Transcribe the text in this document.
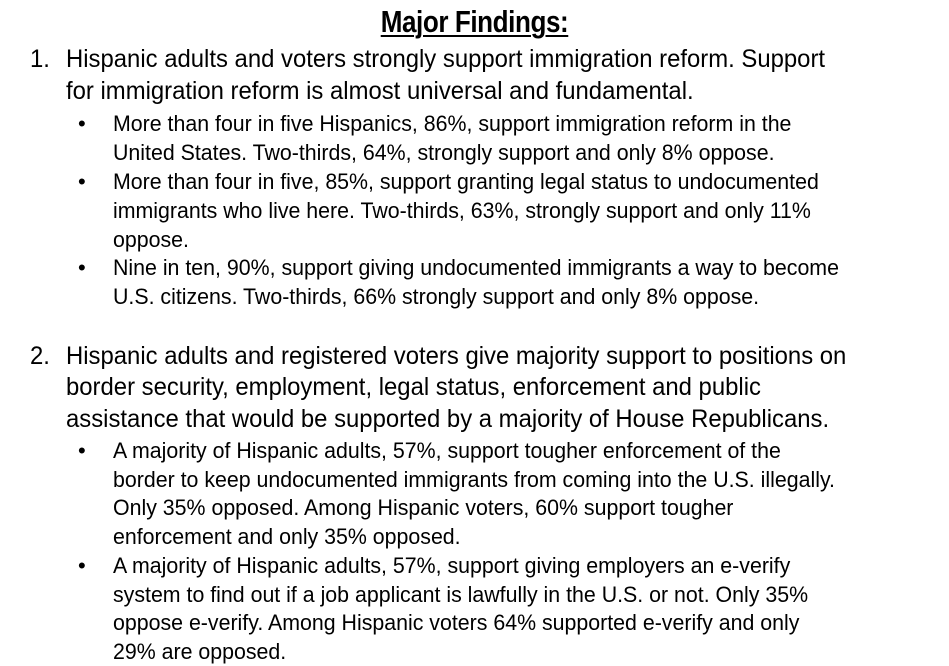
Major Findings:
1. Hispanic adults and voters strongly support immigration reform. Support
for immigration reform is almost universal and fundamental.
• More than four in five Hispanics, 86%, support immigration reform in the
United States. Two-thirds, 64%, strongly support and only 8% oppose.
• More than four in five, 85%, support granting legal status to undocumented
immigrants who live here. Two-thirds, 63%, strongly support and only 11%
oppose.
• Nine in ten, 90%, support giving undocumented immigrants a way to become
U.S. citizens. Two-thirds, 66% strongly support and only 8% oppose.
2. Hispanic adults and registered voters give majority support to positions on
border security, employment, legal status, enforcement and public
assistance that would be supported by a majority of House Republicans.
• A majority of Hispanic adults, 57%, support tougher enforcement of the
border to keep undocumented immigrants from coming into the U.S. illegally.
Only 35% opposed. Among Hispanic voters, 60% support tougher
enforcement and only 35% opposed.
• A majority of Hispanic adults, 57%, support giving employers an e-verify
system to find out if a job applicant is lawfully in the U.S. or not. Only 35%
oppose e-verify. Among Hispanic voters 64% supported e-verify and only
29% are opposed.
